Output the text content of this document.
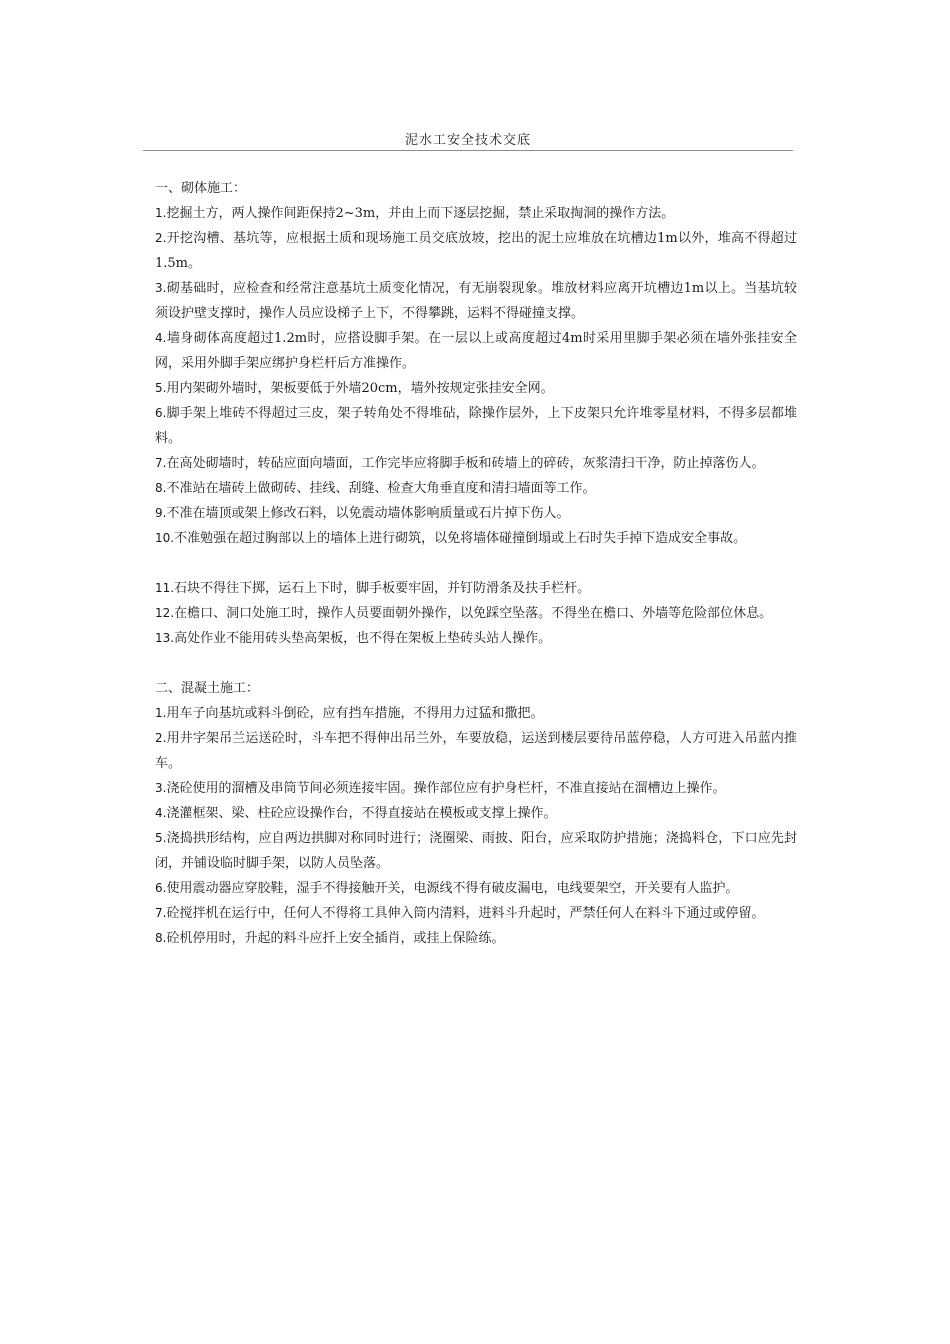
泥水工安全技术交底

一、砌体施工：

1.挖掘土方，两人操作间距保持2~3m，并由上而下逐层挖掘，禁止采取掏洞的操作方法。

2.开挖沟槽、基坑等，应根据土质和现场施工员交底放坡，挖出的泥土应堆放在坑槽边1m以外，堆高不得超过1.5m。

3.砌基础时，应检查和经常注意基坑土质变化情况，有无崩裂现象。堆放材料应离开坑槽边1m以上。当基坑较须设护壁支撑时，操作人员应设梯子上下，不得攀跳，运料不得碰撞支撑。

4.墙身砌体高度超过1.2m时，应搭设脚手架。在一层以上或高度超过4m时采用里脚手架必须在墙外张挂安全网，采用外脚手架应绑护身栏杆后方准操作。

5.用内架砌外墙时，架板要低于外墙20cm，墙外按规定张挂安全网。

6.脚手架上堆砖不得超过三皮，架子转角处不得堆砧，除操作层外，上下皮架只允许堆零星材料，不得多层都堆料。

7.在高处砌墙时，转砧应面向墙面，工作完毕应将脚手板和砖墙上的碎砖，灰浆清扫干净，防止掉落伤人。

8.不准站在墙砖上做砌砖、挂线、刮缝、检查大角垂直度和清扫墙面等工作。

9.不准在墙顶或架上修改石料，以免震动墙体影响质量或石片掉下伤人。

10.不准勉强在超过胸部以上的墙体上进行砌筑，以免将墙体碰撞倒塌或上石时失手掉下造成安全事故。

11.石块不得往下掷，运石上下时，脚手板要牢固，并钉防滑条及扶手栏杆。

12.在檐口、洞口处施工时，操作人员要面朝外操作，以免踩空坠落。不得坐在檐口、外墙等危险部位休息。

13.高处作业不能用砖头垫高架板，也不得在架板上垫砖头站人操作。

二、混凝土施工：

1.用车子向基坑或料斗倒砼，应有挡车措施，不得用力过猛和撒把。

2.用井字架吊兰运送砼时，斗车把不得伸出吊兰外，车要放稳，运送到楼层要待吊蓝停稳，人方可进入吊蓝内推车。

3.浇砼使用的溜槽及串筒节间必须连接牢固。操作部位应有护身栏杆，不准直接站在溜槽边上操作。

4.浇灌框架、梁、柱砼应设操作台，不得直接站在模板或支撑上操作。

5.浇捣拱形结构，应自两边拱脚对称同时进行；浇圈梁、雨披、阳台，应采取防护措施；浇捣料仓，下口应先封闭，并铺设临时脚手架，以防人员坠落。

6.使用震动器应穿胶鞋，湿手不得接触开关，电源线不得有破皮漏电，电线要架空，开关要有人监护。

7.砼搅拌机在运行中，任何人不得将工具伸入筒内清料，进料斗升起时，严禁任何人在料斗下通过或停留。

8.砼机停用时，升起的料斗应扦上安全插肖，或挂上保险练。
